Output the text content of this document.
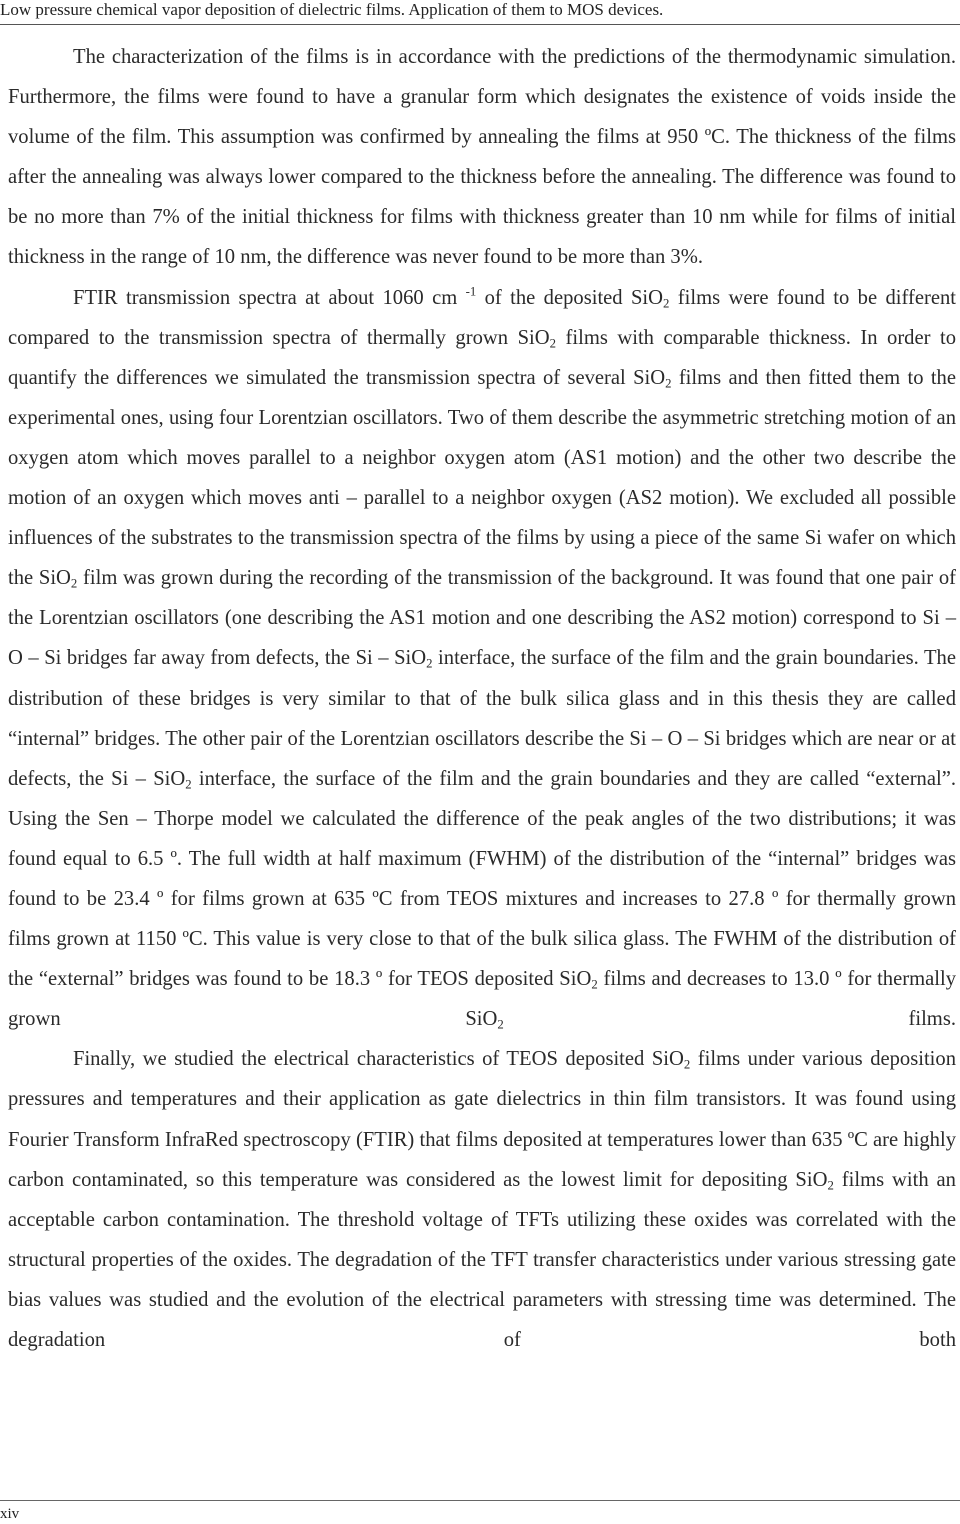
Low pressure chemical vapor deposition of dielectric films. Application of them to MOS devices.

The characterization of the films is in accordance with the predictions of the thermodynamic simulation. Furthermore, the films were found to have a granular form which designates the existence of voids inside the volume of the film. This assumption was confirmed by annealing the films at 950 ºC. The thickness of the films after the annealing was always lower compared to the thickness before the annealing. The difference was found to be no more than 7% of the initial thickness for films with thickness greater than 10 nm while for films of initial thickness in the range of 10 nm, the difference was never found to be more than 3%.

FTIR transmission spectra at about 1060 cm $^{-1}$ of the deposited SiO$_2$ films were found to be different compared to the transmission spectra of thermally grown SiO$_2$ films with comparable thickness. In order to quantify the differences we simulated the transmission spectra of several SiO$_2$ films and then fitted them to the experimental ones, using four Lorentzian oscillators. Two of them describe the asymmetric stretching motion of an oxygen atom which moves parallel to a neighbor oxygen atom (AS1 motion) and the other two describe the motion of an oxygen which moves anti – parallel to a neighbor oxygen (AS2 motion). We excluded all possible influences of the substrates to the transmission spectra of the films by using a piece of the same Si wafer on which the SiO$_2$ film was grown during the recording of the transmission of the background. It was found that one pair of the Lorentzian oscillators (one describing the AS1 motion and one describing the AS2 motion) correspond to Si – O – Si bridges far away from defects, the Si – SiO$_2$ interface, the surface of the film and the grain boundaries. The distribution of these bridges is very similar to that of the bulk silica glass and in this thesis they are called “internal” bridges. The other pair of the Lorentzian oscillators describe the Si – O – Si bridges which are near or at defects, the Si – SiO$_2$ interface, the surface of the film and the grain boundaries and they are called “external”. Using the Sen – Thorpe model we calculated the difference of the peak angles of the two distributions; it was found equal to 6.5 º. The full width at half maximum (FWHM) of the distribution of the “internal” bridges was found to be 23.4 º for films grown at 635 ºC from TEOS mixtures and increases to 27.8 º for thermally grown films grown at 1150 ºC. This value is very close to that of the bulk silica glass. The FWHM of the distribution of the “external” bridges was found to be 18.3 º for TEOS deposited SiO$_2$ films and decreases to 13.0 º for thermally grown SiO$_2$ films.

Finally, we studied the electrical characteristics of TEOS deposited SiO$_2$ films under various deposition pressures and temperatures and their application as gate dielectrics in thin film transistors. It was found using Fourier Transform InfraRed spectroscopy (FTIR) that films deposited at temperatures lower than 635 ºC are highly carbon contaminated, so this temperature was considered as the lowest limit for depositing SiO$_2$ films with an acceptable carbon contamination. The threshold voltage of TFTs utilizing these oxides was correlated with the structural properties of the oxides. The degradation of the TFT transfer characteristics under various stressing gate bias values was studied and the evolution of the electrical parameters with stressing time was determined. The degradation of both

xiv
